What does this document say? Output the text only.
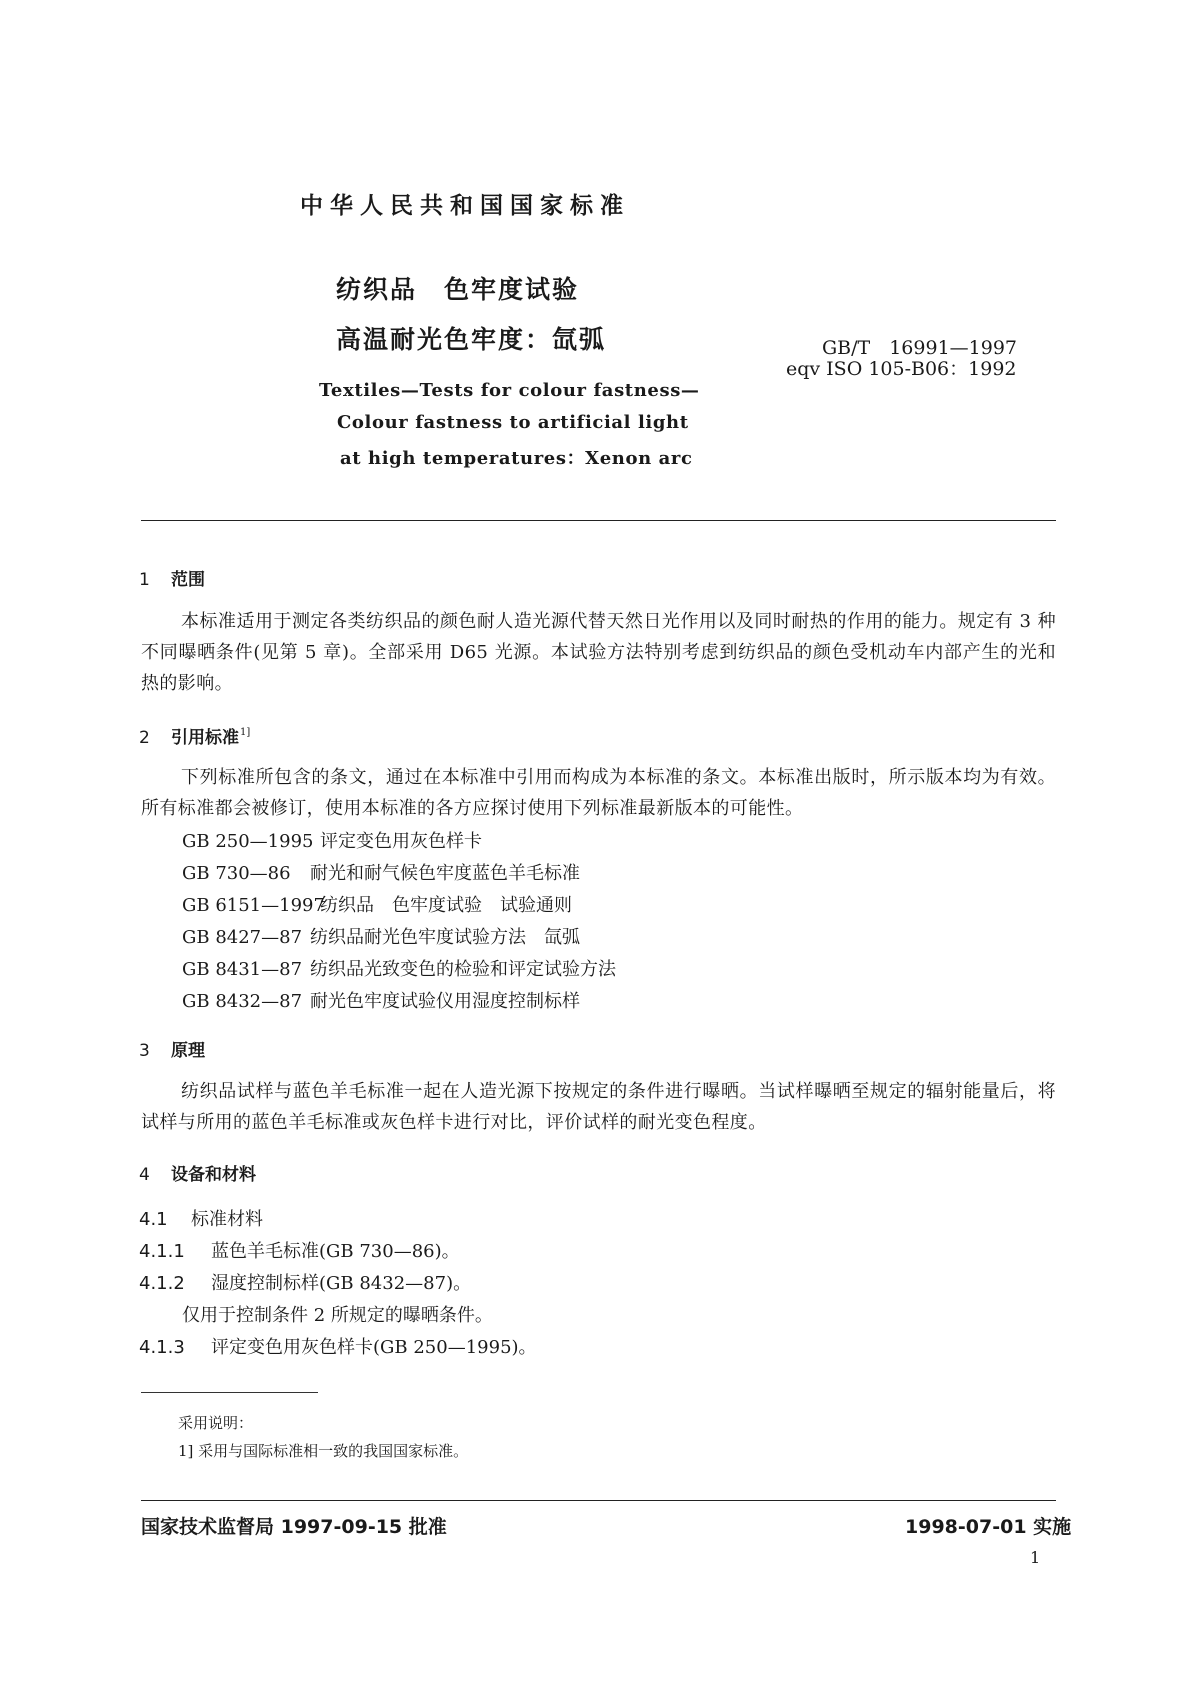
中华人民共和国国家标准
纺织品　色牢度试验
高温耐光色牢度：氙弧	GB/T　16991—1997
eqv ISO 105-B06：1992
Textiles—Tests for colour fastness—
Colour fastness to artificial light
at high temperatures：Xenon arc
1 范围
本标准适用于测定各类纺织品的颜色耐人造光源代替天然日光作用以及同时耐热的作用的能力。规定有 3 种不同曝晒条件(见第 5 章)。全部采用 D65 光源。本试验方法特别考虑到纺织品的颜色受机动车内部产生的光和热的影响。
2 引用标准$^{1]}$
下列标准所包含的条文，通过在本标准中引用而构成为本标准的条文。本标准出版时，所示版本均为有效。所有标准都会被修订，使用本标准的各方应探讨使用下列标准最新版本的可能性。
GB 250—1995 评定变色用灰色样卡
GB 730—86 耐光和耐气候色牢度蓝色羊毛标准
GB 6151—1997纺织品　色牢度试验　试验通则
GB 8427—87 纺织品耐光色牢度试验方法　氙弧
GB 8431—87 纺织品光致变色的检验和评定试验方法
GB 8432—87 耐光色牢度试验仪用湿度控制标样
3 原理
纺织品试样与蓝色羊毛标准一起在人造光源下按规定的条件进行曝晒。当试样曝晒至规定的辐射能量后，将试样与所用的蓝色羊毛标准或灰色样卡进行对比，评价试样的耐光变色程度。
4 设备和材料
4.1 标准材料
4.1.1 蓝色羊毛标准(GB 730—86)。
4.1.2 湿度控制标样(GB 8432—87)。
仅用于控制条件 2 所规定的曝晒条件。
4.1.3 评定变色用灰色样卡(GB 250—1995)。
采用说明：
1] 采用与国际标准相一致的我国国家标准。
国家技术监督局 1997-09-15 批准	1998-07-01 实施
1
